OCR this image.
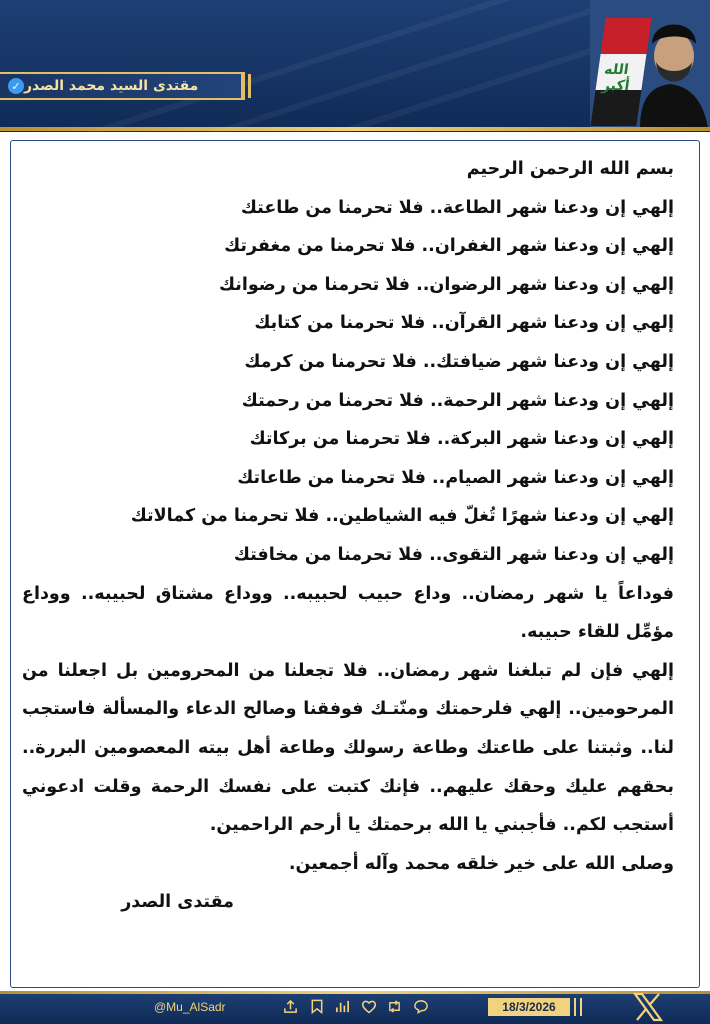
مقتدى السيد محمد الصدر
✓
الله أكبر
بسم الله الرحمن الرحيم
إلهي إن ودعنا شهر الطاعة.. فلا تحرمنا من طاعتك
إلهي إن ودعنا شهر الغفران.. فلا تحرمنا من مغفرتك
إلهي إن ودعنا شهر الرضوان.. فلا تحرمنا من رضوانك
إلهي إن ودعنا شهر القرآن.. فلا تحرمنا من كتابك
إلهي إن ودعنا شهر ضيافتك.. فلا تحرمنا من كرمك
إلهي إن ودعنا شهر الرحمة.. فلا تحرمنا من رحمتك
إلهي إن ودعنا شهر البركة.. فلا تحرمنا من بركاتك
إلهي إن ودعنا شهر الصيام.. فلا تحرمنا من طاعاتك
إلهي إن ودعنا شهرًا تُغلّ فيه الشياطين.. فلا تحرمنا من كمالاتك
إلهي إن ودعنا شهر التقوى.. فلا تحرمنا من مخافتك
فوداعاً يا شهر رمضان.. وداع حبيب لحبيبه.. ووداع مشتاق لحبيبه.. ووداع مؤمِّل للقاء حبيبه.
إلهي فإن لم تبلغنا شهر رمضان.. فلا تجعلنا من المحرومين بل اجعلنا من المرحومين.. إلهي فلرحمتك ومنّتـك فوفقنا وصالح الدعاء والمسألة فاستجب لنا.. وثبتنا على طاعتك وطاعة رسولك وطاعة أهل بيته المعصومين البررة.. بحقهم عليك وحقك عليهم.. فإنك كتبت على نفسك الرحمة وقلت ادعوني أستجب لكم.. فأجبني يا الله برحمتك يا أرحم الراحمين.
وصلى الله على خير خلقه محمد وآله أجمعين.
مقتدى الصدر
@Mu_AlSadr	18/3/2026
